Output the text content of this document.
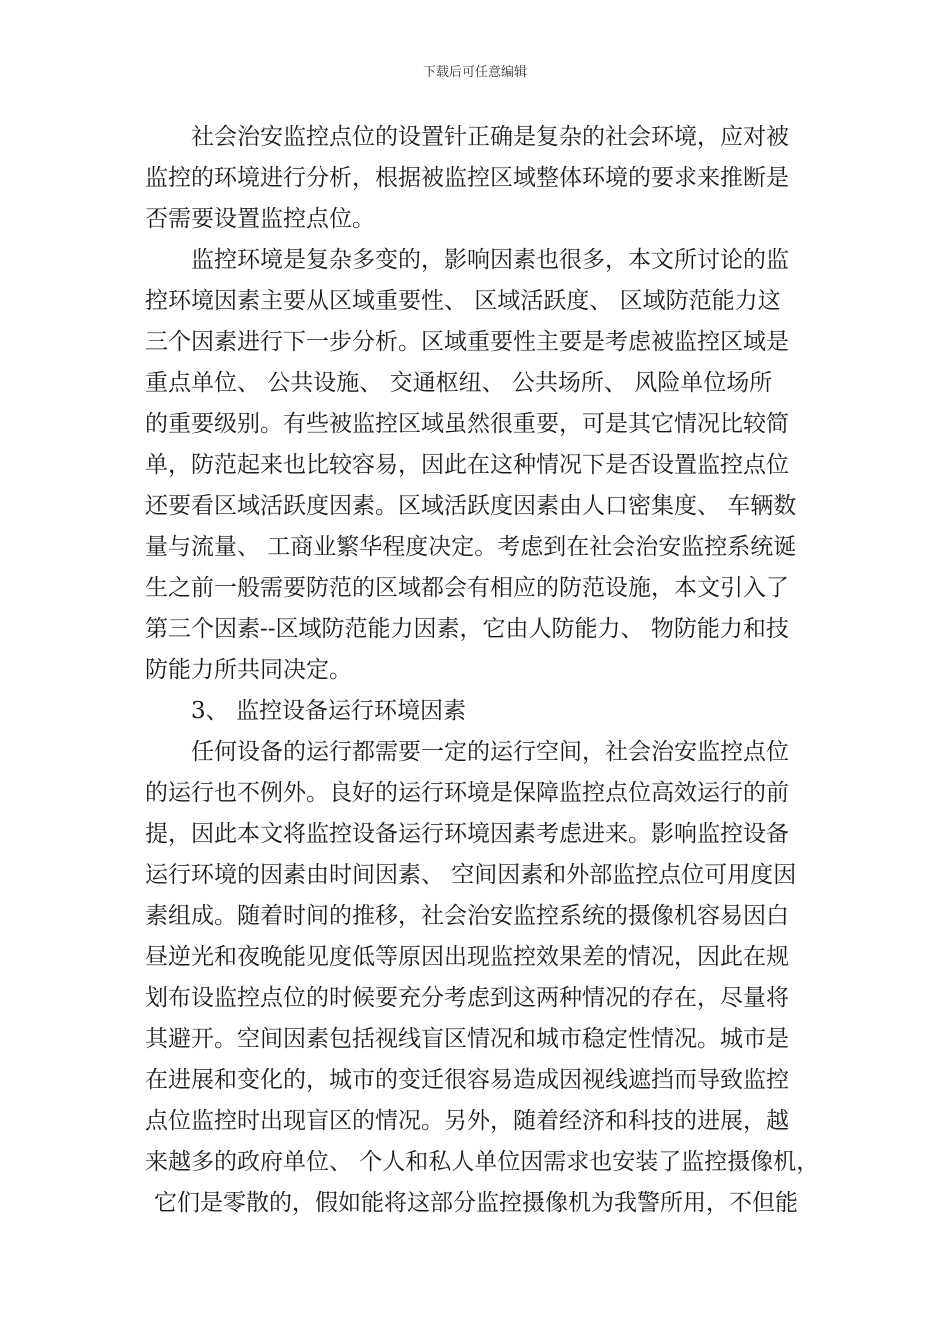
下载后可任意编辑
社会治安监控点位的设置针正确是复杂的社会环境，应对被
监控的环境进行分析，根据被监控区域整体环境的要求来推断是
否需要设置监控点位。
监控环境是复杂多变的，影响因素也很多，本文所讨论的监
控环境因素主要从区域重要性、 区域活跃度、 区域防范能力这
三个因素进行下一步分析。区域重要性主要是考虑被监控区域是
重点单位、 公共设施、 交通枢纽、 公共场所、 风险单位场所
的重要级别。有些被监控区域虽然很重要，可是其它情况比较简
单，防范起来也比较容易，因此在这种情况下是否设置监控点位
还要看区域活跃度因素。区域活跃度因素由人口密集度、 车辆数
量与流量、 工商业繁华程度决定。考虑到在社会治安监控系统诞
生之前一般需要防范的区域都会有相应的防范设施，本文引入了
第三个因素--区域防范能力因素，它由人防能力、 物防能力和技
防能力所共同决定。
3、 监控设备运行环境因素
任何设备的运行都需要一定的运行空间，社会治安监控点位
的运行也不例外。良好的运行环境是保障监控点位高效运行的前
提，因此本文将监控设备运行环境因素考虑进来。影响监控设备
运行环境的因素由时间因素、 空间因素和外部监控点位可用度因
素组成。随着时间的推移，社会治安监控系统的摄像机容易因白
昼逆光和夜晚能见度低等原因出现监控效果差的情况，因此在规
划布设监控点位的时候要充分考虑到这两种情况的存在，尽量将
其避开。空间因素包括视线盲区情况和城市稳定性情况。城市是
在进展和变化的，城市的变迁很容易造成因视线遮挡而导致监控
点位监控时出现盲区的情况。另外，随着经济和科技的进展，越
来越多的政府单位、 个人和私人单位因需求也安装了监控摄像机，
它们是零散的，假如能将这部分监控摄像机为我警所用，不但能
